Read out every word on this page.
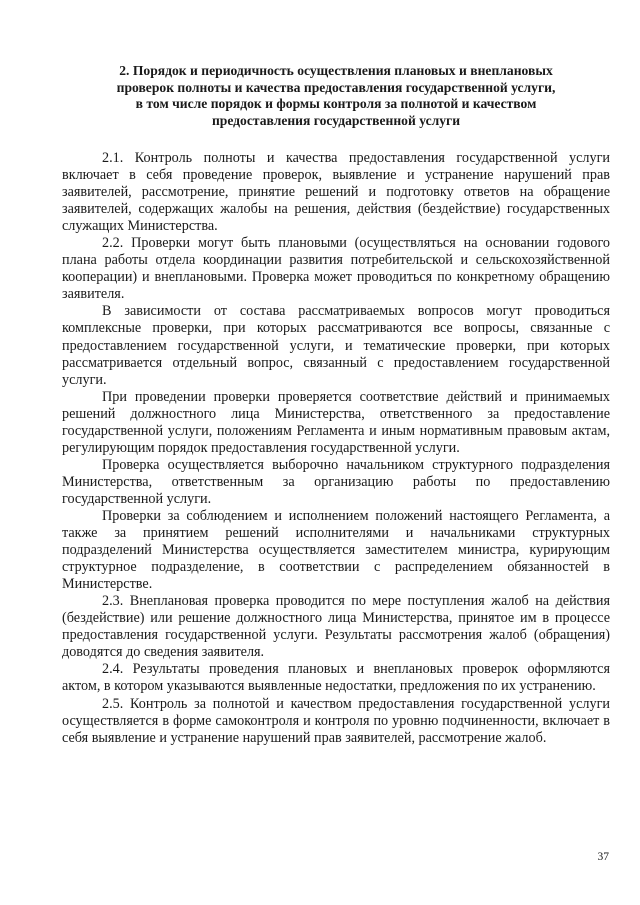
2. Порядок и периодичность осуществления плановых и внеплановых
проверок полноты и качества предоставления государственной услуги,
в том числе порядок и формы контроля за полнотой и качеством
предоставления государственной услуги

2.1. Контроль полноты и качества предоставления государственной услуги включает в себя проведение проверок, выявление и устранение нарушений прав заявителей, рассмотрение, принятие решений и подготовку ответов на обращение заявителей, содержащих жалобы на решения, действия (бездействие) государственных служащих Министерства.

2.2. Проверки могут быть плановыми (осуществляться на основании годового плана работы отдела координации развития потребительской и сельскохозяйственной кооперации) и внеплановыми. Проверка может проводиться по конкретному обращению заявителя.

В зависимости от состава рассматриваемых вопросов могут проводиться комплексные проверки, при которых рассматриваются все вопросы, связанные с предоставлением государственной услуги, и тематические проверки, при которых рассматривается отдельный вопрос, связанный с предоставлением государственной услуги.

При проведении проверки проверяется соответствие действий и принимаемых решений должностного лица Министерства, ответственного за предоставление государственной услуги, положениям Регламента и иным нормативным правовым актам, регулирующим порядок предоставления государственной услуги.

Проверка осуществляется выборочно начальником структурного подразделения Министерства, ответственным за организацию работы по предоставлению государственной услуги.

Проверки за соблюдением и исполнением положений настоящего Регламента, а также за принятием решений исполнителями и начальниками структурных подразделений Министерства осуществляется заместителем министра, курирующим структурное подразделение, в соответствии с распределением обязанностей в Министерстве.

2.3. Внеплановая проверка проводится по мере поступления жалоб на действия (бездействие) или решение должностного лица Министерства, принятое им в процессе предоставления государственной услуги. Результаты рассмотрения жалоб (обращения) доводятся до сведения заявителя.

2.4. Результаты проведения плановых и внеплановых проверок оформляются актом, в котором указываются выявленные недостатки, предложения по их устранению.

2.5. Контроль за полнотой и качеством предоставления государственной услуги осуществляется в форме самоконтроля и контроля по уровню подчиненности, включает в себя выявление и устранение нарушений прав заявителей, рассмотрение жалоб.

37
